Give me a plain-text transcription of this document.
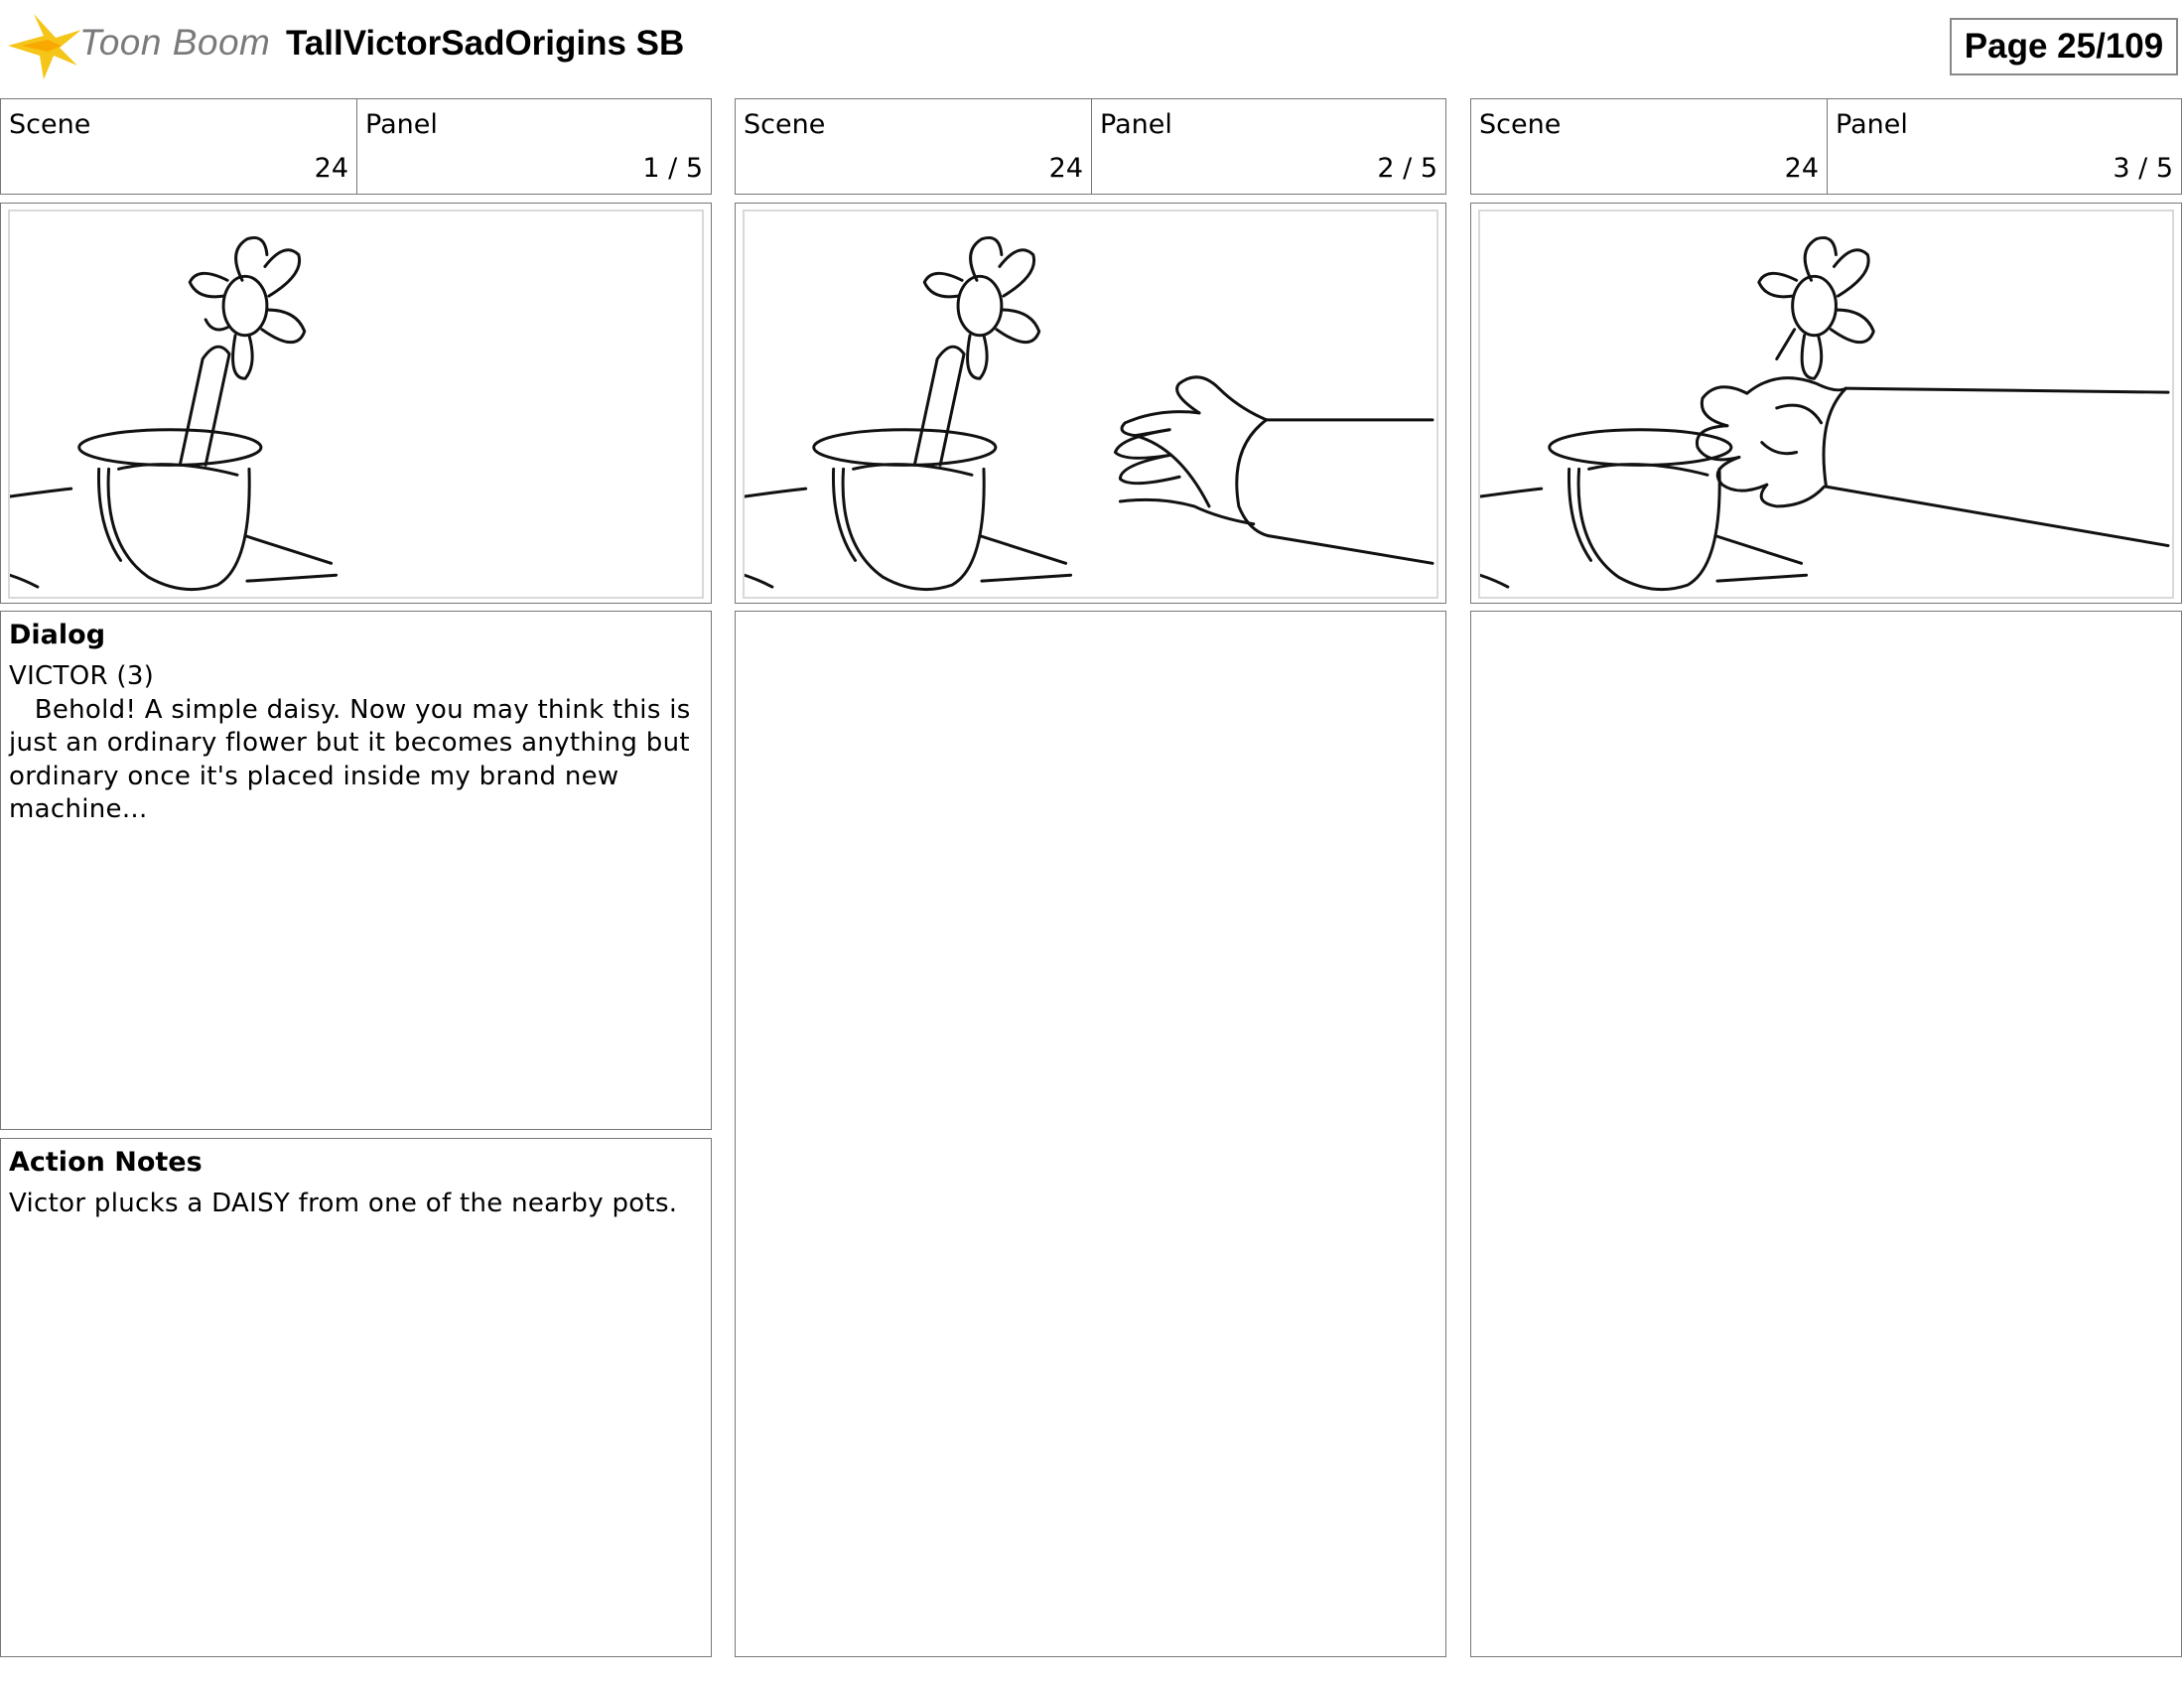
Toon Boom TallVictorSadOrigins SB	Page 25/109
Scene
24
Panel
1 / 5
Scene
24
Panel
2 / 5
Scene
24
Panel
3 / 5
Dialog
VICTOR (3)
Behold! A simple daisy. Now you may think this is just an ordinary flower but it becomes anything but ordinary once it's placed inside my brand new machine...
Action Notes
Victor plucks a DAISY from one of the nearby pots.
